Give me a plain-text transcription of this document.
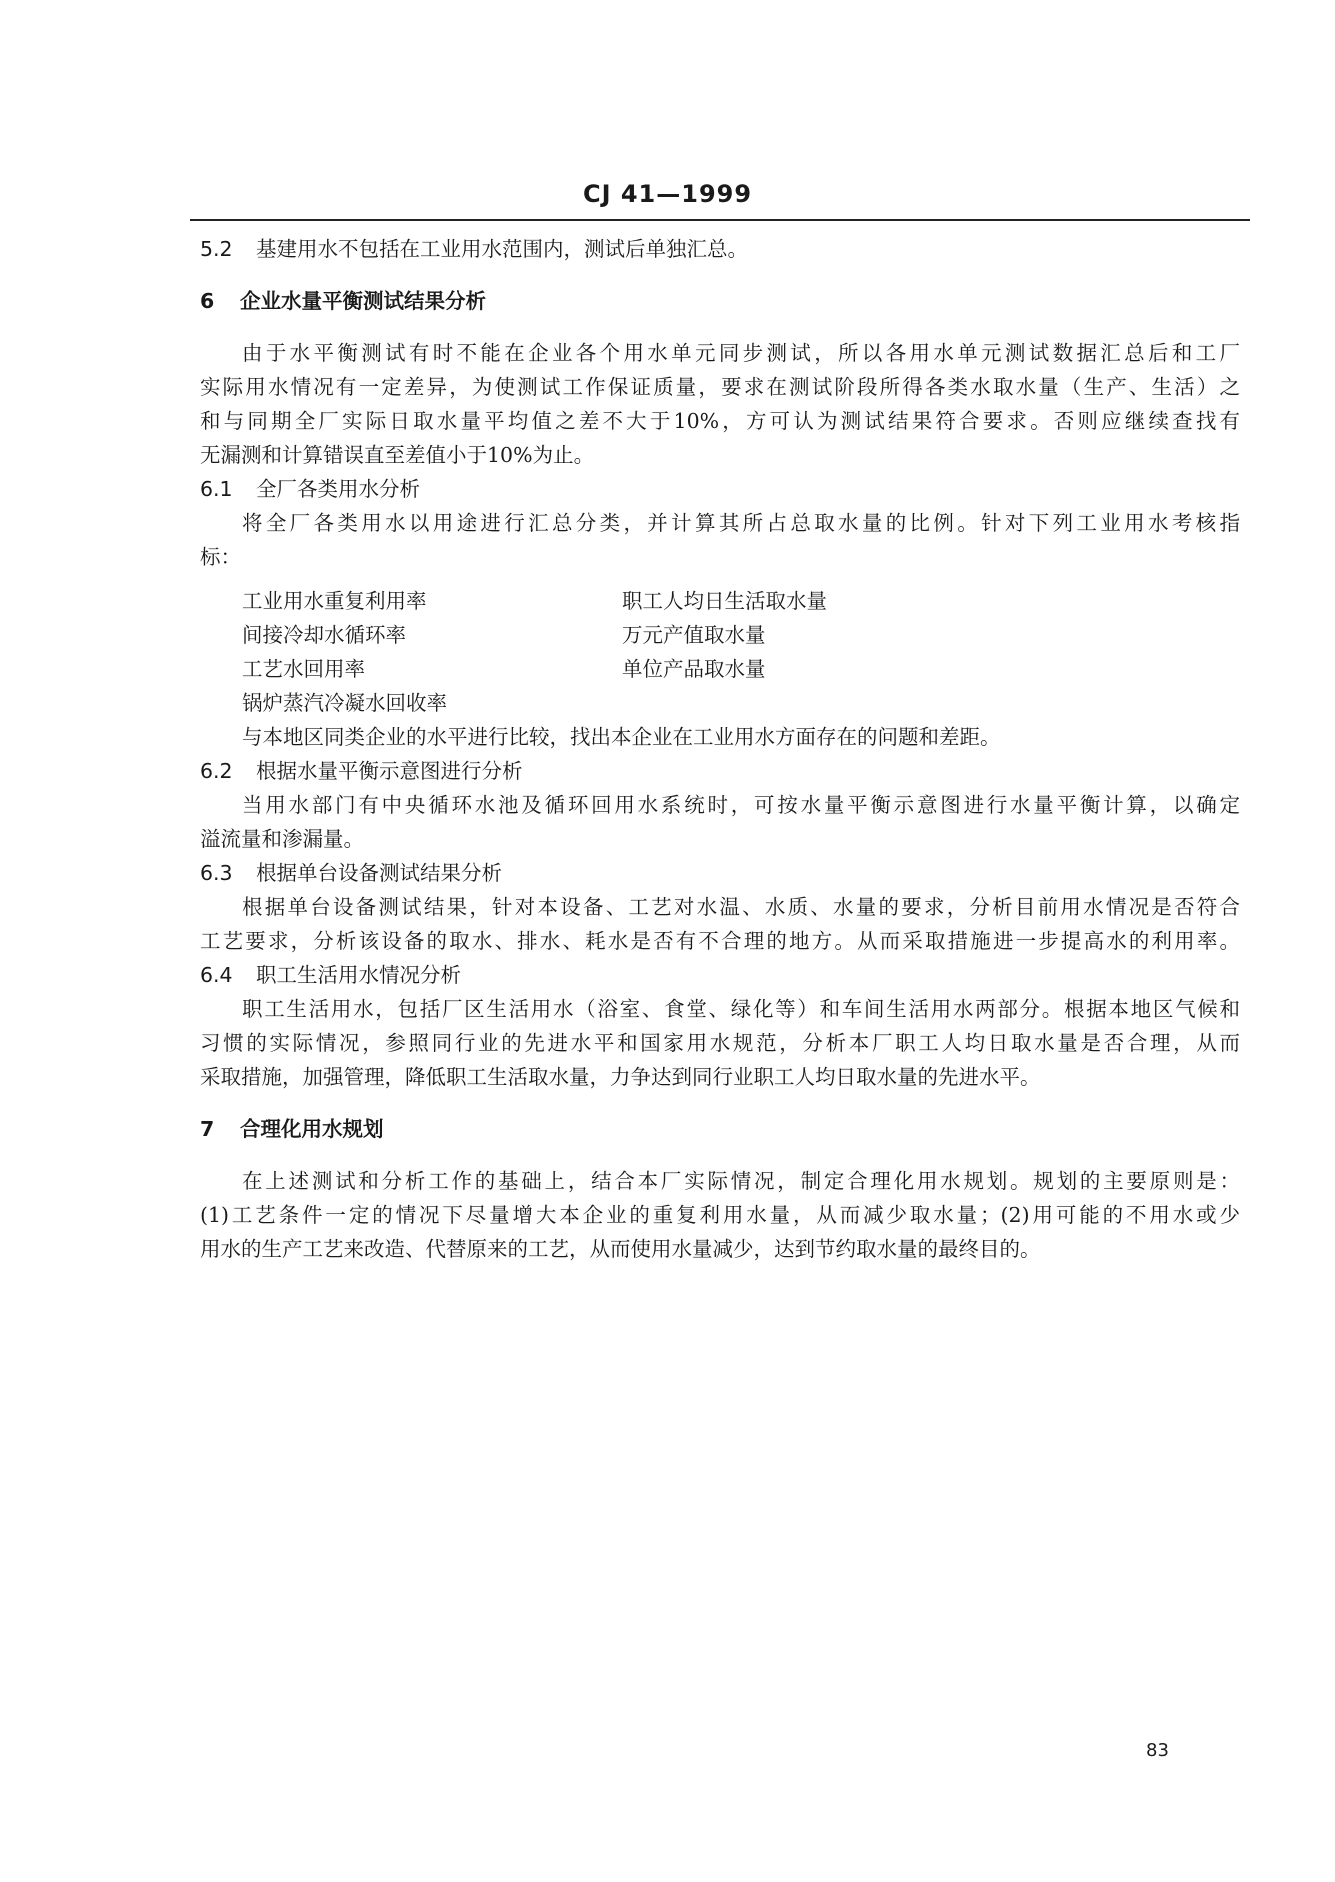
CJ 41—1999
5.2 基建用水不包括在工业用水范围内，测试后单独汇总。
6 企业水量平衡测试结果分析
由于水平衡测试有时不能在企业各个用水单元同步测试，所以各用水单元测试数据汇总后和工厂
实际用水情况有一定差异，为使测试工作保证质量，要求在测试阶段所得各类水取水量（生产、生活）之
和与同期全厂实际日取水量平均值之差不大于10%，方可认为测试结果符合要求。否则应继续查找有
无漏测和计算错误直至差值小于10%为止。
6.1 全厂各类用水分析
将全厂各类用水以用途进行汇总分类，并计算其所占总取水量的比例。针对下列工业用水考核指
标：
工业用水重复利用率
间接冷却水循环率
工艺水回用率
锅炉蒸汽冷凝水回收率
职工人均日生活取水量
万元产值取水量
单位产品取水量
与本地区同类企业的水平进行比较，找出本企业在工业用水方面存在的问题和差距。
6.2 根据水量平衡示意图进行分析
当用水部门有中央循环水池及循环回用水系统时，可按水量平衡示意图进行水量平衡计算，以确定
溢流量和渗漏量。
6.3 根据单台设备测试结果分析
根据单台设备测试结果，针对本设备、工艺对水温、水质、水量的要求，分析目前用水情况是否符合
工艺要求，分析该设备的取水、排水、耗水是否有不合理的地方。从而采取措施进一步提高水的利用率。
6.4 职工生活用水情况分析
职工生活用水，包括厂区生活用水（浴室、食堂、绿化等）和车间生活用水两部分。根据本地区气候和
习惯的实际情况，参照同行业的先进水平和国家用水规范，分析本厂职工人均日取水量是否合理，从而
采取措施，加强管理，降低职工生活取水量，力争达到同行业职工人均日取水量的先进水平。
7 合理化用水规划
在上述测试和分析工作的基础上，结合本厂实际情况，制定合理化用水规划。规划的主要原则是：
(1)工艺条件一定的情况下尽量增大本企业的重复利用水量，从而减少取水量；(2)用可能的不用水或少
用水的生产工艺来改造、代替原来的工艺，从而使用水量减少，达到节约取水量的最终目的。
83
